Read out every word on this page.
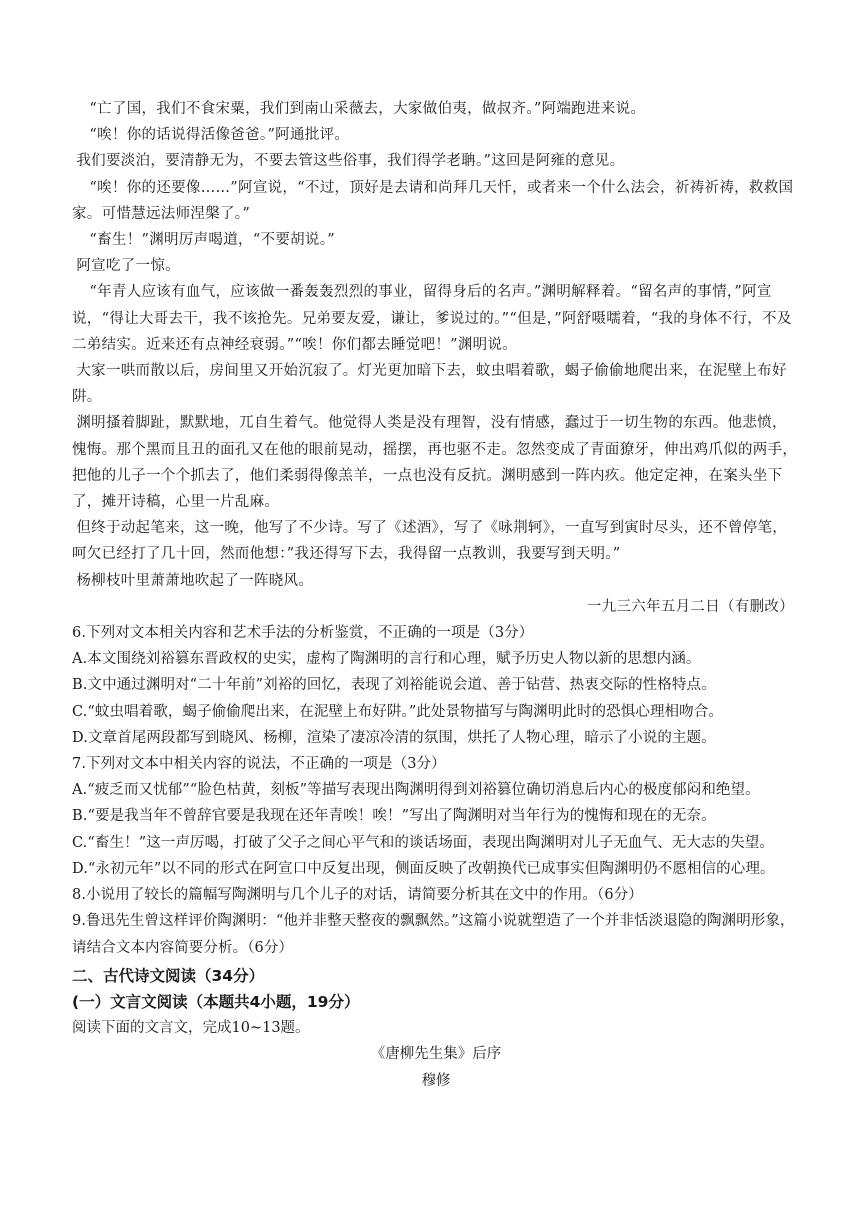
“亡了国，我们不食宋粟，我们到南山采薇去，大家做伯夷，做叔齐。”阿端跑进来说。

“唉！你的话说得活像爸爸。”阿通批评。

我们要淡泊，要清静无为，不要去管这些俗事，我们得学老聃。”这回是阿雍的意见。

“唉！你的还要像……”阿宣说，“不过，顶好是去请和尚拜几天忏，或者来一个什么法会，祈祷祈祷，救救国家。可惜慧远法师涅槃了。”

“畜生！”渊明厉声喝道，“不要胡说。”

阿宣吃了一惊。

“年青人应该有血气，应该做一番轰轰烈烈的事业，留得身后的名声。”渊明解释着。“留名声的事情，”阿宣说，“得让大哥去干，我不该抢先。兄弟要友爱，谦让，爹说过的。”“但是，”阿舒嗫嚅着，“我的身体不行，不及二弟结实。近来还有点神经衰弱。”“唉！你们都去睡觉吧！”渊明说。

大家一哄而散以后，房间里又开始沉寂了。灯光更加暗下去，蚊虫唱着歌，蝎子偷偷地爬出来，在泥壁上布好阱。

渊明搔着脚趾，默默地，兀自生着气。他觉得人类是没有理智，没有情感，蠢过于一切生物的东西。他悲愤，愧悔。那个黑而且丑的面孔又在他的眼前晃动，摇摆，再也驱不走。忽然变成了青面獠牙，伸出鸡爪似的两手，把他的儿子一个个抓去了，他们柔弱得像羔羊，一点也没有反抗。渊明感到一阵内疚。他定定神，在案头坐下了，摊开诗稿，心里一片乱麻。

但终于动起笔来，这一晚，他写了不少诗。写了《述酒》，写了《咏荆轲》，一直写到寅时尽头，还不曾停笔，呵欠已经打了几十回，然而他想：”我还得写下去，我得留一点教训，我要写到天明。”

杨柳枝叶里萧萧地吹起了一阵晓风。

一九三六年五月二日（有删改）

6.下列对文本相关内容和艺术手法的分析鉴赏，不正确的一项是（3分）

A.本文围绕刘裕篡东晋政权的史实，虚构了陶渊明的言行和心理，赋予历史人物以新的思想内涵。

B.文中通过渊明对“二十年前”刘裕的回忆，表现了刘裕能说会道、善于钻营、热衷交际的性格特点。

C.“蚊虫唱着歌，蝎子偷偷爬出来，在泥壁上布好阱。”此处景物描写与陶渊明此时的恐惧心理相吻合。

D.文章首尾两段都写到晓风、杨柳，渲染了凄凉冷清的氛围，烘托了人物心理，暗示了小说的主题。

7.下列对文本中相关内容的说法，不正确的一项是（3分）

A.“疲乏而又忧郁”“脸色枯黄，刻板”等描写表现出陶渊明得到刘裕篡位确切消息后内心的极度郁闷和绝望。

B.“要是我当年不曾辞官要是我现在还年青唉！唉！”写出了陶渊明对当年行为的愧悔和现在的无奈。

C.“畜生！”这一声厉喝，打破了父子之间心平气和的谈话场面，表现出陶渊明对儿子无血气、无大志的失望。

D.“永初元年”以不同的形式在阿宣口中反复出现，侧面反映了改朝换代已成事实但陶渊明仍不愿相信的心理。

8.小说用了较长的篇幅写陶渊明与几个儿子的对话，请简要分析其在文中的作用。（6分）

9.鲁迅先生曾这样评价陶渊明：“他并非整天整夜的飘飘然。”这篇小说就塑造了一个并非恬淡退隐的陶渊明形象，请结合文本内容简要分析。（6分）

二、古代诗文阅读（34分）

(一）文言文阅读（本题共4小题，19分）

阅读下面的文言文，完成10~13题。

《唐柳先生集》后序

穆修
